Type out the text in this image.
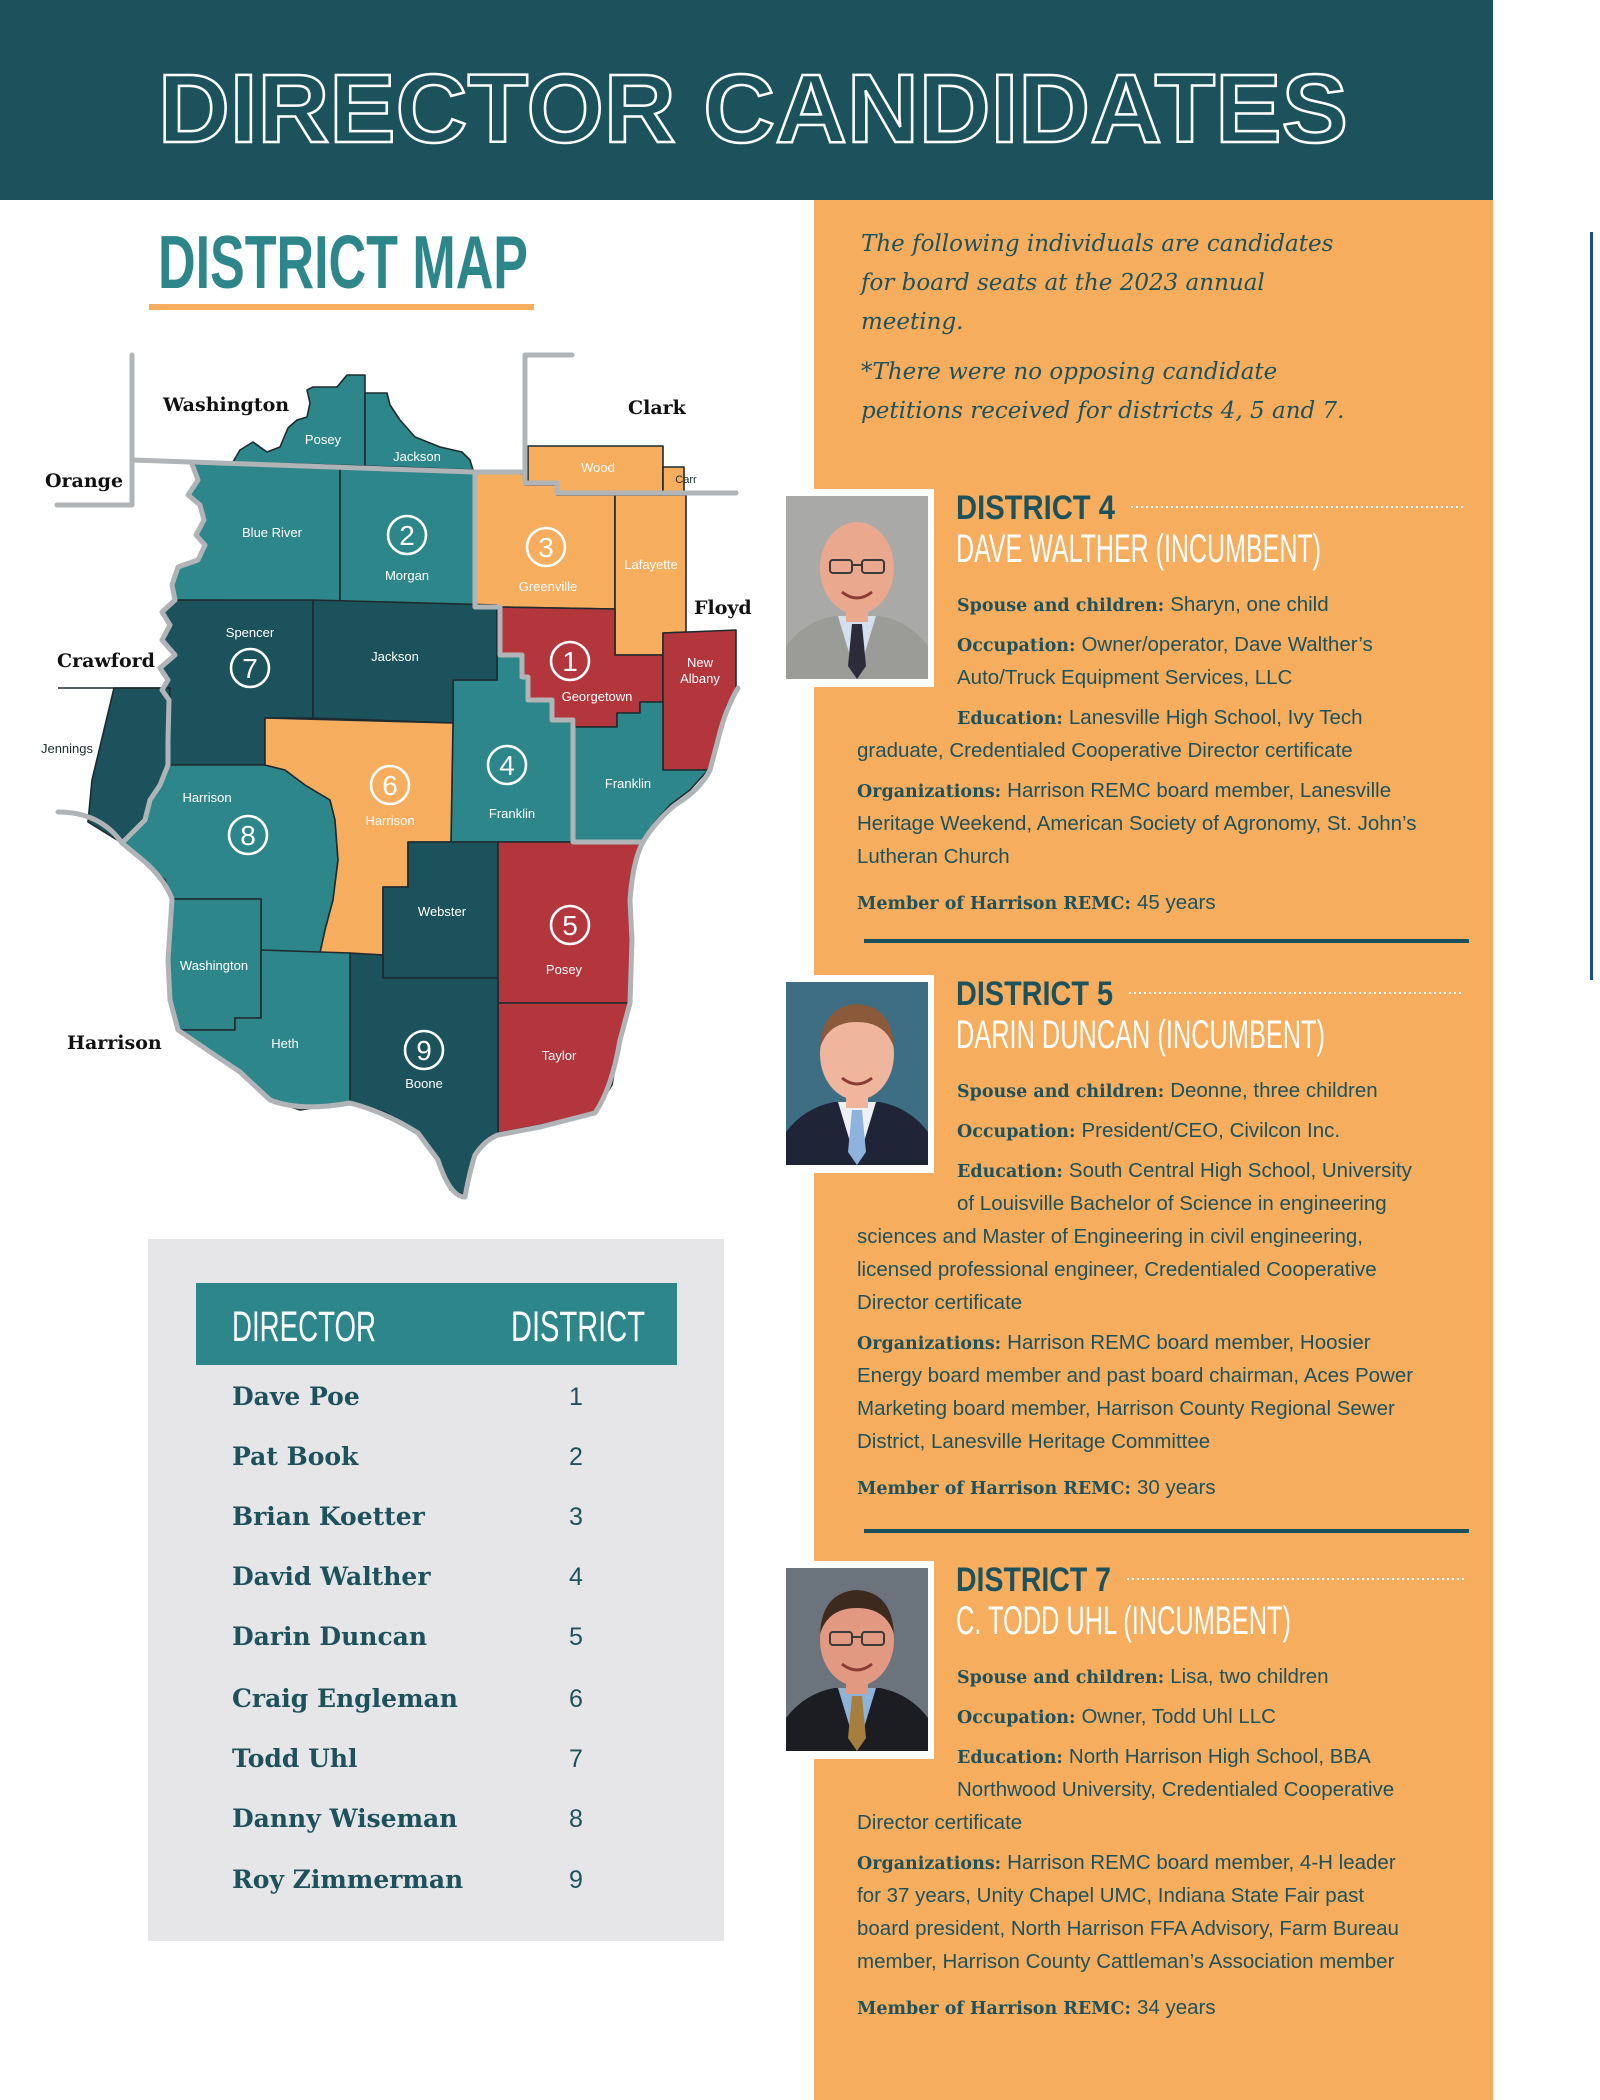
DIRECTOR CANDIDATES
DISTRICT MAP
Washington
Orange
Clark
Floyd
Crawford
Harrison
Posey
Jackson
Blue River
Morgan
Wood
Carr
Greenville
Lafayette
New
Albany
Georgetown
Spencer
Jackson
Jennings
Harrison
Harrison	Franklin
Franklin
Webster
Posey
Washington
Heth
Boone
Taylor
1
2	3
4
5
6
7
8
9
DIRECTOR	DISTRICT
Dave Poe	1
Pat Book	2
Brian Koetter	3
David Walther	4
Darin Duncan	5
Craig Engleman	6
Todd Uhl	7
Danny Wiseman	8
Roy Zimmerman	9
The following individuals are candidates
for board seats at the 2023 annual
meeting.
*There were no opposing candidate
petitions received for districts 4, 5 and 7.
DISTRICT 4
DAVE WALTHER (INCUMBENT)
Spouse and children: Sharyn, one child
Occupation: Owner/operator, Dave Walther’s
Auto/Truck Equipment Services, LLC
Education: Lanesville High School, Ivy Tech
graduate, Credentialed Cooperative Director certificate
Organizations: Harrison REMC board member, Lanesville
Heritage Weekend, American Society of Agronomy, St. John’s
Lutheran Church
Member of Harrison REMC: 45 years
DISTRICT 5
DARIN DUNCAN (INCUMBENT)
Spouse and children: Deonne, three children
Occupation: President/CEO, Civilcon Inc.
Education: South Central High School, University
of Louisville Bachelor of Science in engineering
sciences and Master of Engineering in civil engineering,
licensed professional engineer, Credentialed Cooperative
Director certificate
Organizations: Harrison REMC board member, Hoosier
Energy board member and past board chairman, Aces Power
Marketing board member, Harrison County Regional Sewer
District, Lanesville Heritage Committee
Member of Harrison REMC: 30 years
DISTRICT 7
C. TODD UHL (INCUMBENT)
Spouse and children: Lisa, two children
Occupation: Owner, Todd Uhl LLC
Education: North Harrison High School, BBA
Northwood University, Credentialed Cooperative
Director certificate
Organizations: Harrison REMC board member, 4-H leader
for 37 years, Unity Chapel UMC, Indiana State Fair past
board president, North Harrison FFA Advisory, Farm Bureau
member, Harrison County Cattleman’s Association member
Member of Harrison REMC: 34 years
